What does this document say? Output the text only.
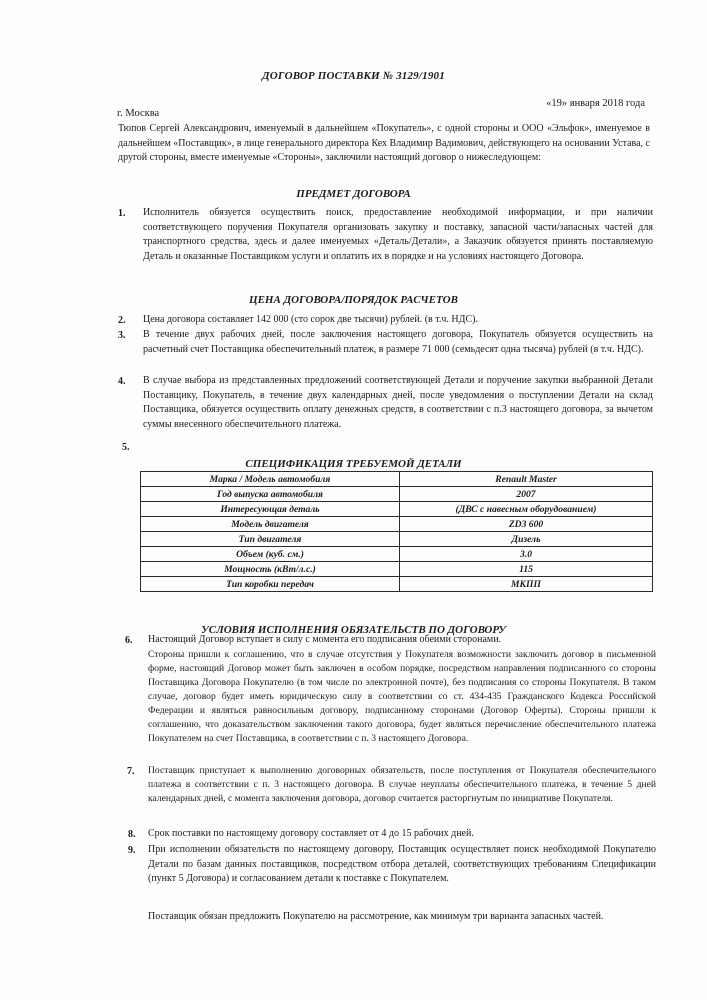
ДОГОВОР ПОСТАВКИ № 3129/1901
г. Москва
«19» января 2018 года
Тюпов Сергей Александрович, именуемый в дальнейшем «Покупатель», с одной стороны и ООО «Эльфок», именуемое в дальнейшем «Поставщик», в лице генерального директора Кех Владимир Вадимович, действующего на основании Устава, с другой стороны, вместе именуемые «Стороны», заключили настоящий договор о нижеследующем:
ПРЕДМЕТ ДОГОВОРА
1. Исполнитель обязуется осуществить поиск, предоставление необходимой информации, и при наличии соответствующего поручения Покупателя организовать закупку и поставку, запасной части/запасных частей для транспортного средства, здесь и далее именуемых «Деталь/Детали», а Заказчик обязуется принять поставляемую Деталь и оказанные Поставщиком услуги и оплатить их в порядке и на условиях настоящего Договора.
ЦЕНА ДОГОВОРА/ПОРЯДОК РАСЧЕТОВ
2. Цена договора составляет 142 000 (сто сорок две тысячи) рублей. (в т.ч. НДС).
3. В течение двух рабочих дней, после заключения настоящего договора, Покупатель обязуется осуществить на расчетный счет Поставщика обеспечительный платеж, в размере 71 000 (семьдесят одна тысяча) рублей (в т.ч. НДС).
4. В случае выбора из представленных предложений соответствующей Детали и поручение закупки выбранной Детали Поставщику, Покупатель, в течение двух календарных дней, после уведомления о поступлении Детали на склад Поставщика, обязуется осуществить оплату денежных средств, в соответствии с п.3 настоящего договора, за вычетом суммы внесенного обеспечительного платежа.
5.
СПЕЦИФИКАЦИЯ ТРЕБУЕМОЙ ДЕТАЛИ
Марка / Модель автомобиля	Renault Master
Год выпуска автомобиля	2007
Интересующая деталь	(ДВС с навесным оборудованием)
Модель двигателя	ZD3 600
Тип двигателя	Дизель
Объем (куб. см.)	3.0
Мощность (кВт/л.с.)	115
Тип коробки передач	МКПП
УСЛОВИЯ ИСПОЛНЕНИЯ ОБЯЗАТЕЛЬСТВ ПО ДОГОВОРУ
6. Настоящий Договор вступает в силу с момента его подписания обеими сторонами.
Стороны пришли к соглашению, что в случае отсутствия у Покупателя возможности заключить договор в письменной форме, настоящий Договор может быть заключен в особом порядке, посредством направления подписанного со стороны Поставщика Договора Покупателю (в том числе по электронной почте), без подписания со стороны Покупателя. В таком случае, договор будет иметь юридическую силу в соответствии со ст. 434-435 Гражданского Кодекса Российской Федерации и являться равносильным договору, подписанному сторонами (Договор Оферты). Стороны пришли к соглашению, что доказательством заключения такого договора, будет являться перечисление обеспечительного платежа Покупателем на счет Поставщика, в соответствии с п. 3 настоящего Договора.
7. Поставщик приступает к выполнению договорных обязательств, после поступления от Покупателя обеспечительного платежа в соответствии с п. 3 настоящего договора. В случае неуплаты обеспечительного платежа, в течение 5 дней календарных дней, с момента заключения договора, договор считается расторгнутым по инициативе Покупателя.
8. Срок поставки по настоящему договору составляет от 4 до 15 рабочих дней.
9. При исполнении обязательств по настоящему договору, Поставщик осуществляет поиск необходимой Покупателю Детали по базам данных поставщиков, посредством отбора деталей, соответствующих требованиям Спецификации (пункт 5 Договора) и согласованием детали к поставке с Покупателем.
Поставщик обязан предложить Покупателю на рассмотрение, как минимум три варианта запасных частей.
